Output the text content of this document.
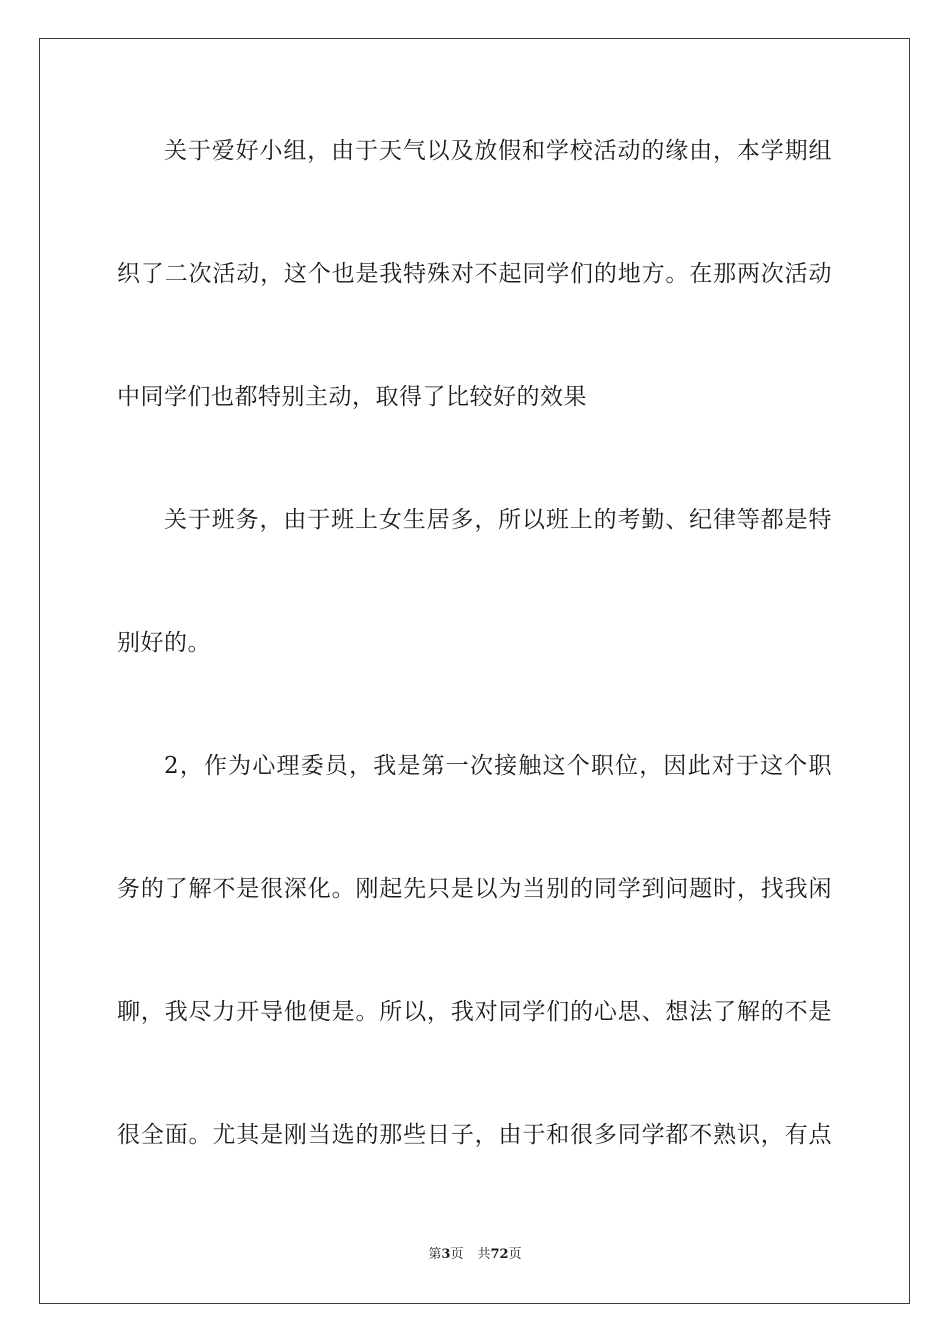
关于爱好小组，由于天气以及放假和学校活动的缘由，本学期组
织了二次活动，这个也是我特殊对不起同学们的地方。在那两次活动
中同学们也都特别主动，取得了比较好的效果
关于班务，由于班上女生居多，所以班上的考勤、纪律等都是特
别好的。
2，作为心理委员，我是第一次接触这个职位，因此对于这个职
务的了解不是很深化。刚起先只是以为当别的同学到问题时，找我闲
聊，我尽力开导他便是。所以，我对同学们的心思、想法了解的不是
很全面。尤其是刚当选的那些日子，由于和很多同学都不熟识，有点
第3页 共72页
